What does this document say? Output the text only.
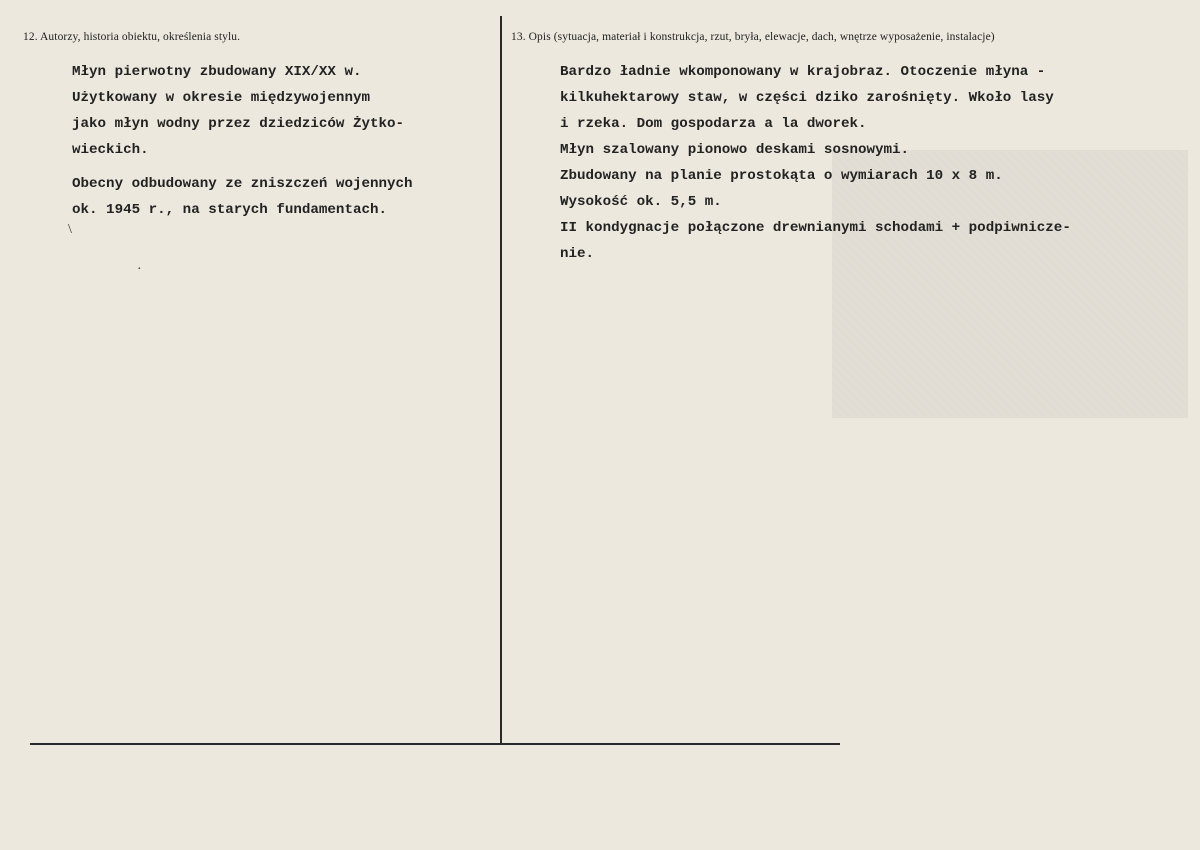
\
·
12. Autorzy, historia obiektu, określenia stylu.	13. Opis (sytuacja, materiał i konstrukcja, rzut, bryła, elewacje, dach, wnętrze wyposażenie, instalacje)
Młyn pierwotny zbudowany XIX/XX w.
Użytkowany w okresie międzywojennym
jako młyn wodny przez dziedziców Żytko-
wieckich.
Obecny odbudowany ze zniszczeń wojennych
ok. 1945 r., na starych fundamentach.
Bardzo ładnie wkomponowany w krajobraz. Otoczenie młyna -
kilkuhektarowy staw, w części dziko zarośnięty. Wkoło lasy
i rzeka. Dom gospodarza a la dworek.
Młyn szalowany pionowo deskami sosnowymi.
Zbudowany na planie prostokąta o wymiarach 10 x 8 m.
Wysokość ok. 5,5 m.
II kondygnacje połączone drewnianymi schodami + podpiwnicze-
nie.
